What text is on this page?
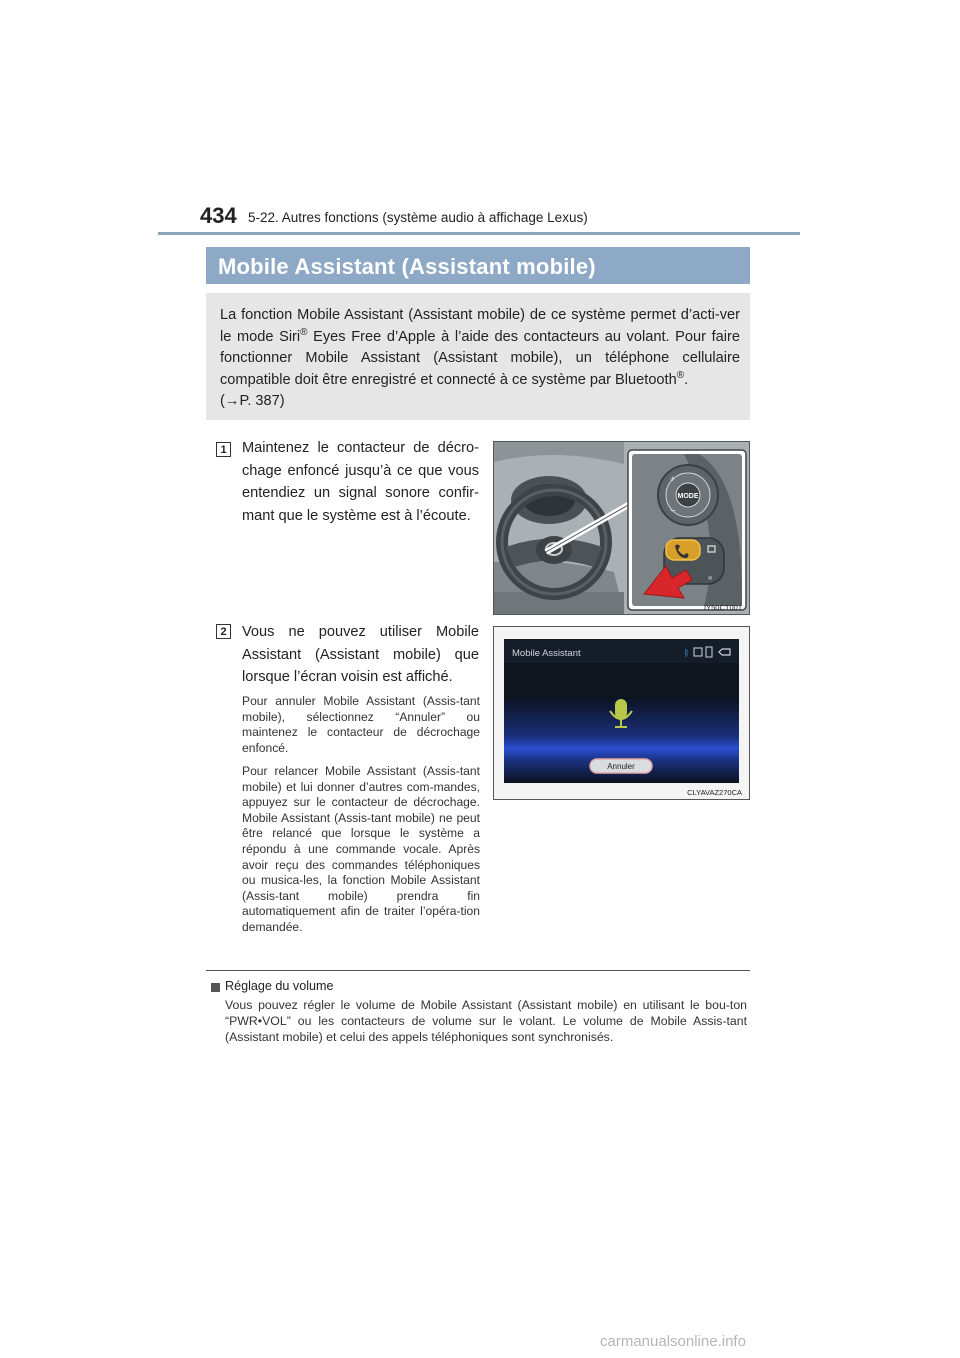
434 5-22. Autres fonctions (système audio à affichage Lexus)
Mobile Assistant (Assistant mobile)
La fonction Mobile Assistant (Assistant mobile) de ce système permet d’acti-ver le mode Siri® Eyes Free d’Apple à l’aide des contacteurs au volant. Pour faire fonctionner Mobile Assistant (Assistant mobile), un téléphone cellulaire compatible doit être enregistré et connecté à ce système par Bluetooth®.
(→P. 387)
1	Maintenez le contacteur de décro-chage enfoncé jusqu’à ce que vous entendiez un signal sonore confir-mant que le système est à l’écoute.
MODE
+
−
«
IY50CT001
2	Vous ne pouvez utiliser Mobile Assistant (Assistant mobile) que lorsque l’écran voisin est affiché.
Pour annuler Mobile Assistant (Assis-tant mobile), sélectionnez “Annuler” ou maintenez le contacteur de décrochage enfoncé.
Pour relancer Mobile Assistant (Assis-tant mobile) et lui donner d’autres com-mandes, appuyez sur le contacteur de décrochage. Mobile Assistant (Assis-tant mobile) ne peut être relancé que lorsque le système a répondu à une commande vocale. Après avoir reçu des commandes téléphoniques ou musica-les, la fonction Mobile Assistant (Assis-tant mobile) prendra fin automatiquement afin de traiter l’opéra-tion demandée.
Mobile Assistant	ᛒ
Annuler
CLYAVAZ270CA
Réglage du volume
Vous pouvez régler le volume de Mobile Assistant (Assistant mobile) en utilisant le bou-ton “PWR•VOL” ou les contacteurs de volume sur le volant. Le volume de Mobile Assis-tant (Assistant mobile) et celui des appels téléphoniques sont synchronisés.
carmanualsonline.info
